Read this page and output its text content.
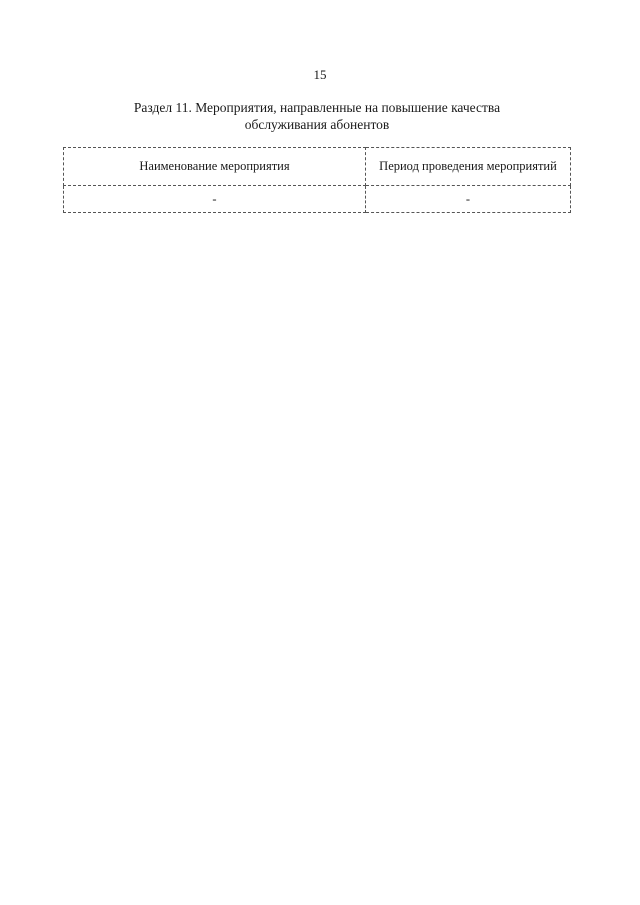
15
Раздел 11. Мероприятия, направленные на повышение качества
обслуживания абонентов
Наименование мероприятия	Период проведения мероприятий
-	-
